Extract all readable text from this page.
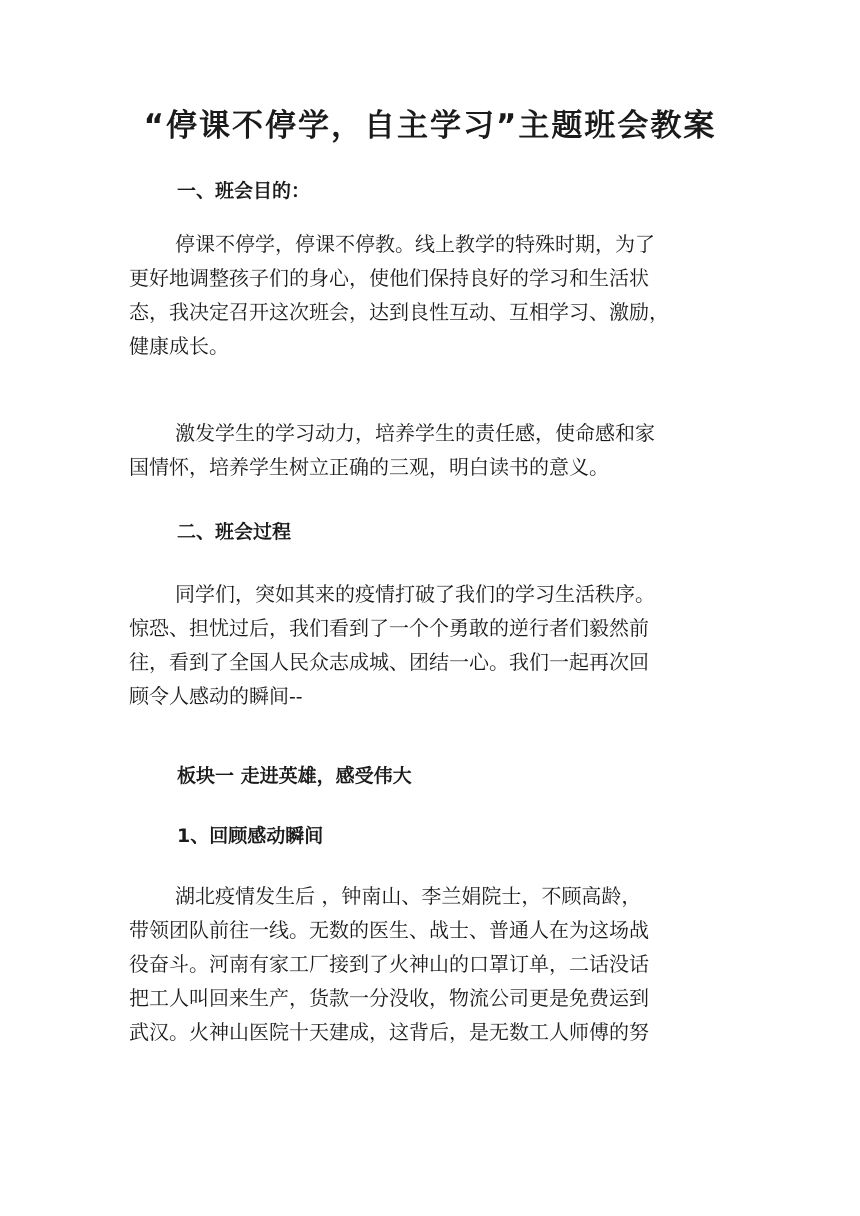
“停课不停学，自主学习”主题班会教案
一、班会目的：
停课不停学，停课不停教。线上教学的特殊时期，为了
更好地调整孩子们的身心，使他们保持良好的学习和生活状
态，我决定召开这次班会，达到良性互动、互相学习、激励，
健康成长。
激发学生的学习动力，培养学生的责任感，使命感和家
国情怀，培养学生树立正确的三观，明白读书的意义。
二、班会过程
同学们，突如其来的疫情打破了我们的学习生活秩序。
惊恐、担忧过后，我们看到了一个个勇敢的逆行者们毅然前
往，看到了全国人民众志成城、团结一心。我们一起再次回
顾令人感动的瞬间--
板块一 走进英雄，感受伟大
1、回顾感动瞬间
湖北疫情发生后 ，钟南山、李兰娟院士，不顾高龄，
带领团队前往一线。无数的医生、战士、普通人在为这场战
役奋斗。河南有家工厂接到了火神山的口罩订单，二话没话
把工人叫回来生产，货款一分没收，物流公司更是免费运到
武汉。火神山医院十天建成，这背后，是无数工人师傅的努
